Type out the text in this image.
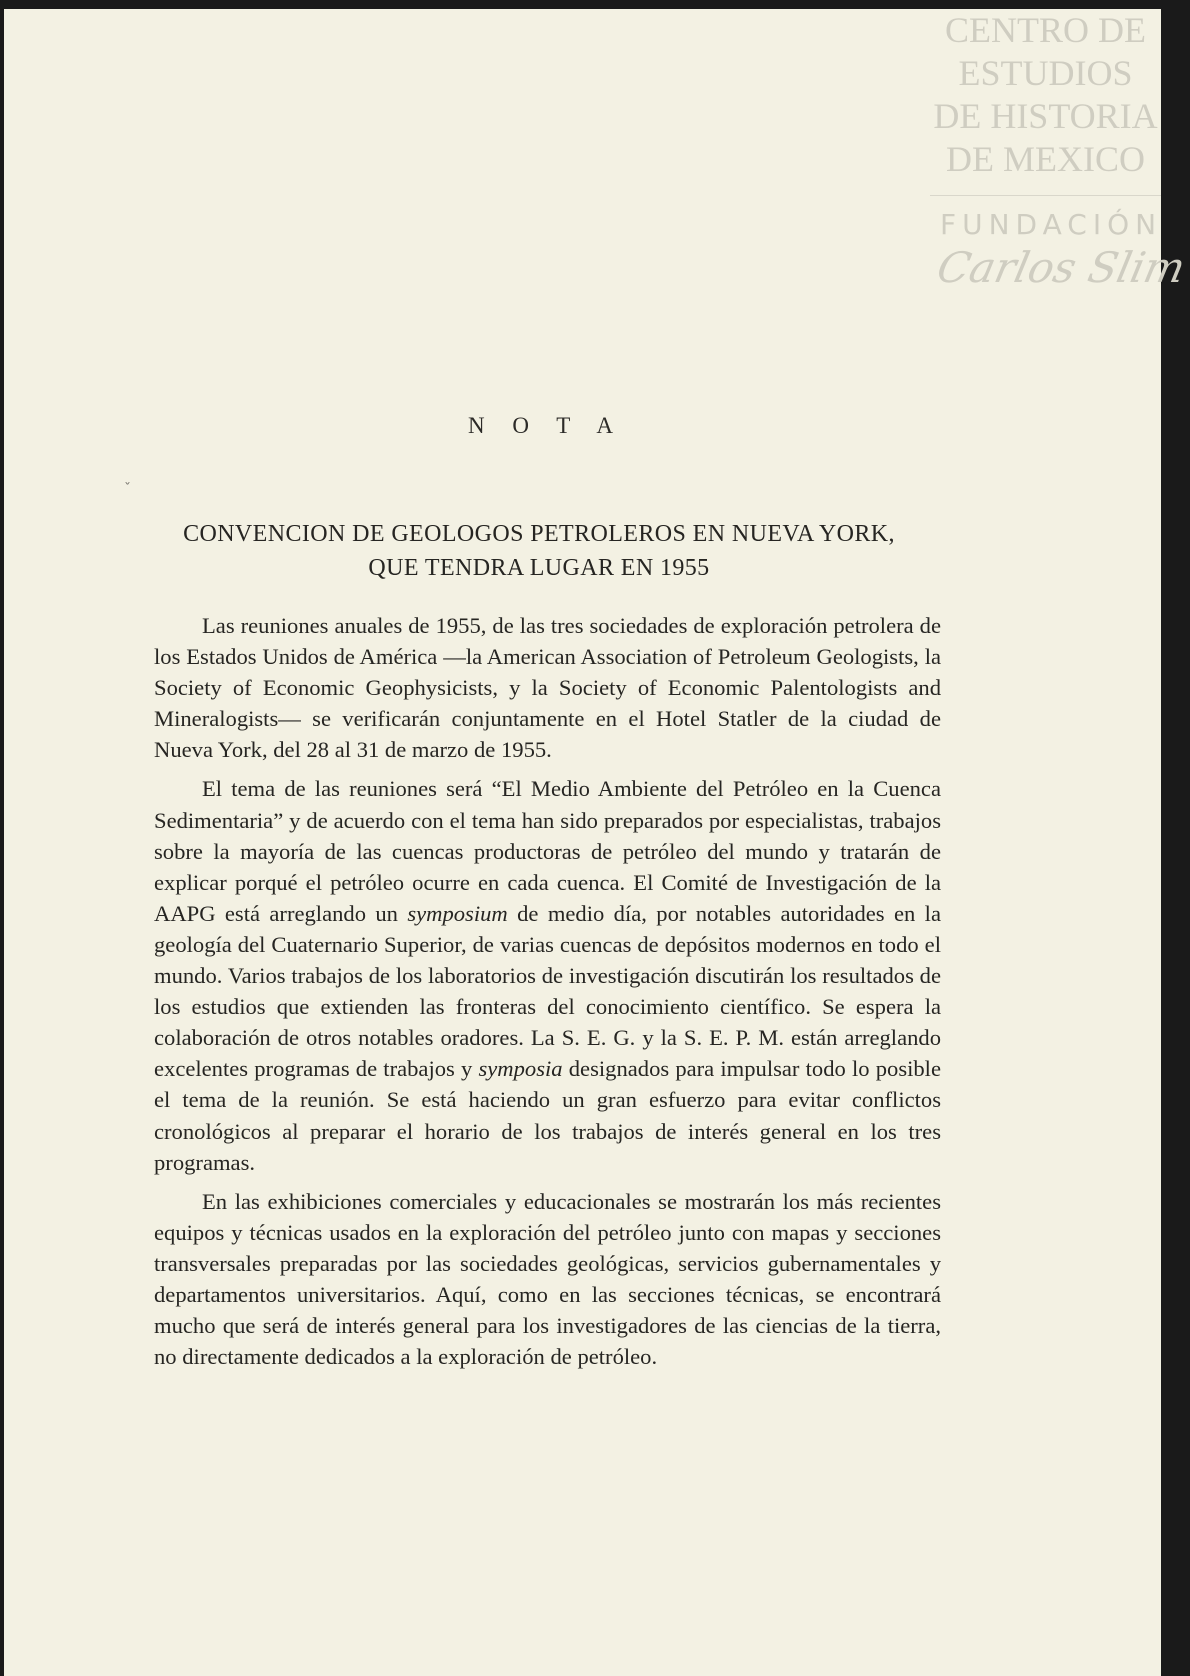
CENTRO DE
ESTUDIOS
DE HISTORIA
DE MEXICO
FUNDACIÓN
Carlos Slim
N O T A
ˇ
CONVENCION DE GEOLOGOS PETROLEROS EN NUEVA YORK,
QUE TENDRA LUGAR EN 1955

Las reuniones anuales de 1955, de las tres sociedades de exploración petrolera de los Estados Unidos de América —la American Association of Petroleum Geologists, la Society of Economic Geophysicists, y la Society of Economic Palentologists and Mineralogists— se verificarán conjuntamente en el Hotel Statler de la ciudad de Nueva York, del 28 al 31 de marzo de 1955.

El tema de las reuniones será “El Medio Ambiente del Petróleo en la Cuenca Sedimentaria” y de acuerdo con el tema han sido preparados por especialistas, trabajos sobre la mayoría de las cuencas productoras de petróleo del mundo y tratarán de explicar porqué el petróleo ocurre en cada cuenca. El Comité de Investigación de la AAPG está arreglando un symposium de medio día, por notables autoridades en la geología del Cuaternario Superior, de varias cuencas de depósitos modernos en todo el mundo. Varios trabajos de los laboratorios de investigación discutirán los resultados de los estudios que extienden las fronteras del conocimiento científico. Se espera la colaboración de otros notables oradores. La S. E. G. y la S. E. P. M. están arreglando excelentes programas de trabajos y symposia designados para impulsar todo lo posible el tema de la reunión. Se está haciendo un gran esfuerzo para evitar conflictos cronológicos al preparar el horario de los trabajos de interés general en los tres programas.

En las exhibiciones comerciales y educacionales se mostrarán los más recientes equipos y técnicas usados en la exploración del petróleo junto con mapas y secciones transversales preparadas por las sociedades geológicas, servicios gubernamentales y departamentos universitarios. Aquí, como en las secciones técnicas, se encontrará mucho que será de interés general para los investigadores de las ciencias de la tierra, no directamente dedicados a la exploración de petróleo.
